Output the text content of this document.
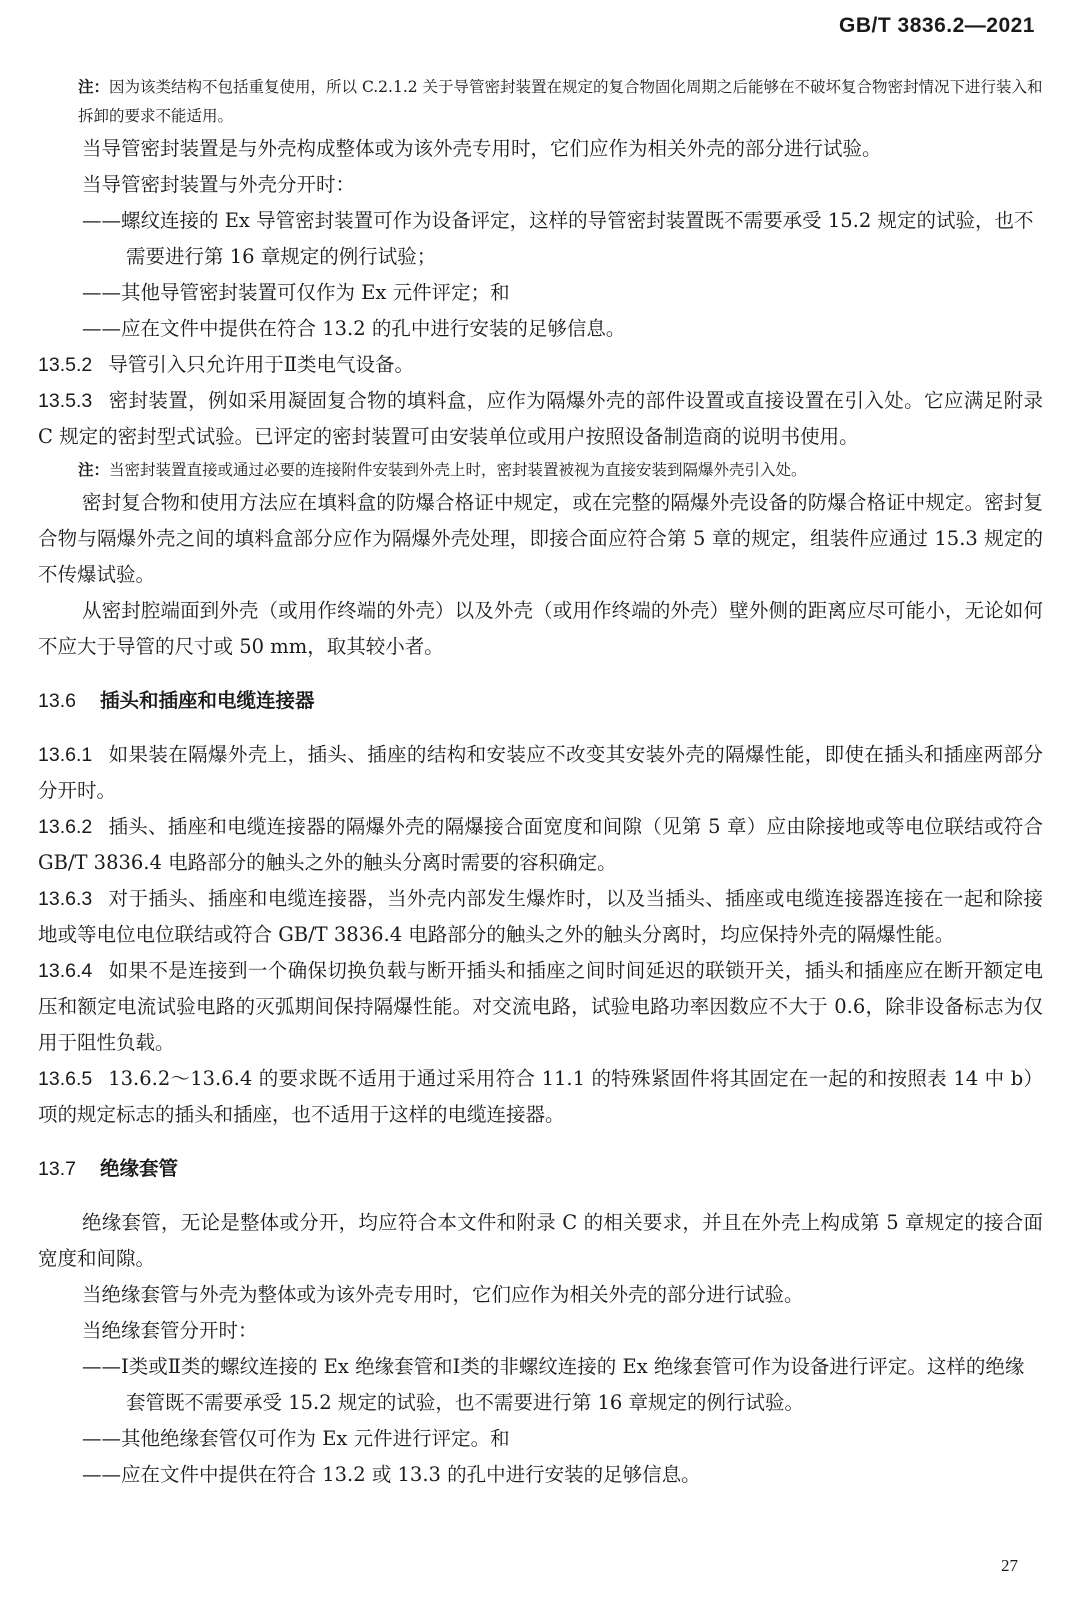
GB/T 3836.2—2021

注：因为该类结构不包括重复使用，所以 C.2.1.2 关于导管密封装置在规定的复合物固化周期之后能够在不破坏复合物密封情况下进行装入和拆卸的要求不能适用。

当导管密封装置是与外壳构成整体或为该外壳专用时，它们应作为相关外壳的部分进行试验。

当导管密封装置与外壳分开时：

——螺纹连接的 Ex 导管密封装置可作为设备评定，这样的导管密封装置既不需要承受 15.2 规定的试验，也不需要进行第 16 章规定的例行试验；

——其他导管密封装置可仅作为 Ex 元件评定；和

——应在文件中提供在符合 13.2 的孔中进行安装的足够信息。

13.5.2 导管引入只允许用于Ⅱ类电气设备。

13.5.3 密封装置，例如采用凝固复合物的填料盒，应作为隔爆外壳的部件设置或直接设置在引入处。它应满足附录 C 规定的密封型式试验。已评定的密封装置可由安装单位或用户按照设备制造商的说明书使用。

注：当密封装置直接或通过必要的连接附件安装到外壳上时，密封装置被视为直接安装到隔爆外壳引入处。

密封复合物和使用方法应在填料盒的防爆合格证中规定，或在完整的隔爆外壳设备的防爆合格证中规定。密封复合物与隔爆外壳之间的填料盒部分应作为隔爆外壳处理，即接合面应符合第 5 章的规定，组装件应通过 15.3 规定的不传爆试验。

从密封腔端面到外壳（或用作终端的外壳）以及外壳（或用作终端的外壳）壁外侧的距离应尽可能小，无论如何不应大于导管的尺寸或 50 mm，取其较小者。

13.6 插头和插座和电缆连接器

13.6.1 如果装在隔爆外壳上，插头、插座的结构和安装应不改变其安装外壳的隔爆性能，即使在插头和插座两部分分开时。

13.6.2 插头、插座和电缆连接器的隔爆外壳的隔爆接合面宽度和间隙（见第 5 章）应由除接地或等电位联结或符合 GB/T 3836.4 电路部分的触头之外的触头分离时需要的容积确定。

13.6.3 对于插头、插座和电缆连接器，当外壳内部发生爆炸时，以及当插头、插座或电缆连接器连接在一起和除接地或等电位电位联结或符合 GB/T 3836.4 电路部分的触头之外的触头分离时，均应保持外壳的隔爆性能。

13.6.4 如果不是连接到一个确保切换负载与断开插头和插座之间时间延迟的联锁开关，插头和插座应在断开额定电压和额定电流试验电路的灭弧期间保持隔爆性能。对交流电路，试验电路功率因数应不大于 0.6，除非设备标志为仅用于阻性负载。

13.6.5 13.6.2～13.6.4 的要求既不适用于通过采用符合 11.1 的特殊紧固件将其固定在一起的和按照表 14 中 b）项的规定标志的插头和插座，也不适用于这样的电缆连接器。

13.7 绝缘套管

绝缘套管，无论是整体或分开，均应符合本文件和附录 C 的相关要求，并且在外壳上构成第 5 章规定的接合面宽度和间隙。

当绝缘套管与外壳为整体或为该外壳专用时，它们应作为相关外壳的部分进行试验。

当绝缘套管分开时：

——Ⅰ类或Ⅱ类的螺纹连接的 Ex 绝缘套管和Ⅰ类的非螺纹连接的 Ex 绝缘套管可作为设备进行评定。这样的绝缘套管既不需要承受 15.2 规定的试验，也不需要进行第 16 章规定的例行试验。

——其他绝缘套管仅可作为 Ex 元件进行评定。和

——应在文件中提供在符合 13.2 或 13.3 的孔中进行安装的足够信息。

27
